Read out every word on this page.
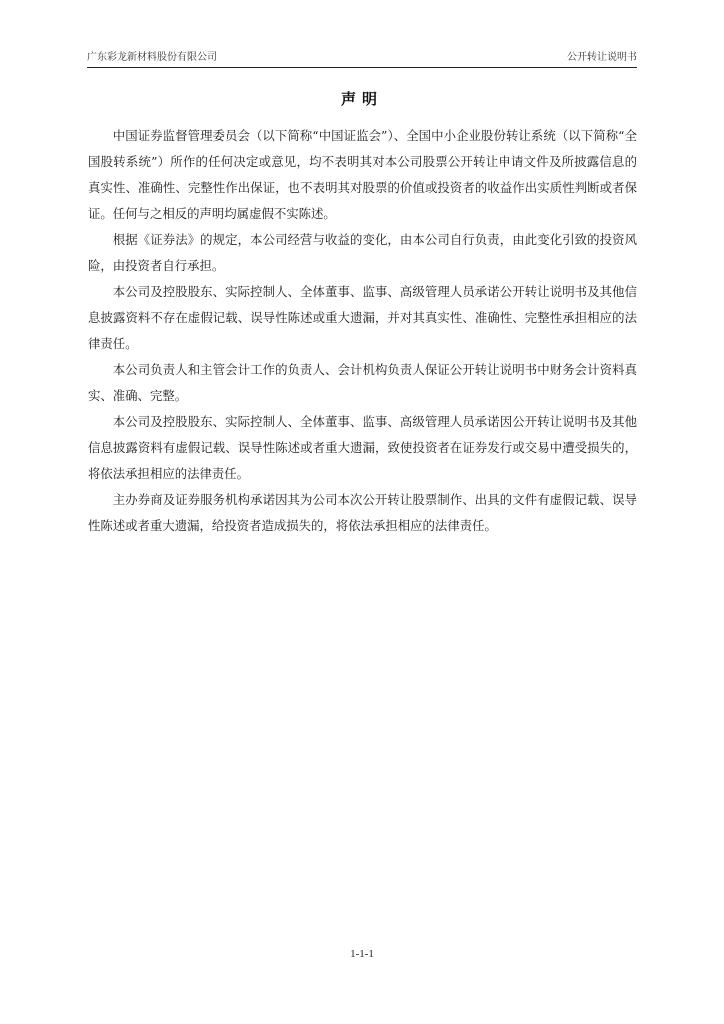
广东彩龙新材料股份有限公司	公开转让说明书
声明

中国证券监督管理委员会（以下简称“中国证监会”）、全国中小企业股份转让系统（以下简称“全国股转系统”）所作的任何决定或意见，均不表明其对本公司股票公开转让申请文件及所披露信息的真实性、准确性、完整性作出保证，也不表明其对股票的价值或投资者的收益作出实质性判断或者保证。任何与之相反的声明均属虚假不实陈述。

根据《证券法》的规定，本公司经营与收益的变化，由本公司自行负责，由此变化引致的投资风险，由投资者自行承担。

本公司及控股股东、实际控制人、全体董事、监事、高级管理人员承诺公开转让说明书及其他信息披露资料不存在虚假记载、误导性陈述或重大遗漏，并对其真实性、准确性、完整性承担相应的法律责任。

本公司负责人和主管会计工作的负责人、会计机构负责人保证公开转让说明书中财务会计资料真实、准确、完整。

本公司及控股股东、实际控制人、全体董事、监事、高级管理人员承诺因公开转让说明书及其他信息披露资料有虚假记载、误导性陈述或者重大遗漏，致使投资者在证券发行或交易中遭受损失的，将依法承担相应的法律责任。

主办券商及证券服务机构承诺因其为公司本次公开转让股票制作、出具的文件有虚假记载、误导性陈述或者重大遗漏，给投资者造成损失的，将依法承担相应的法律责任。

1-1-1
